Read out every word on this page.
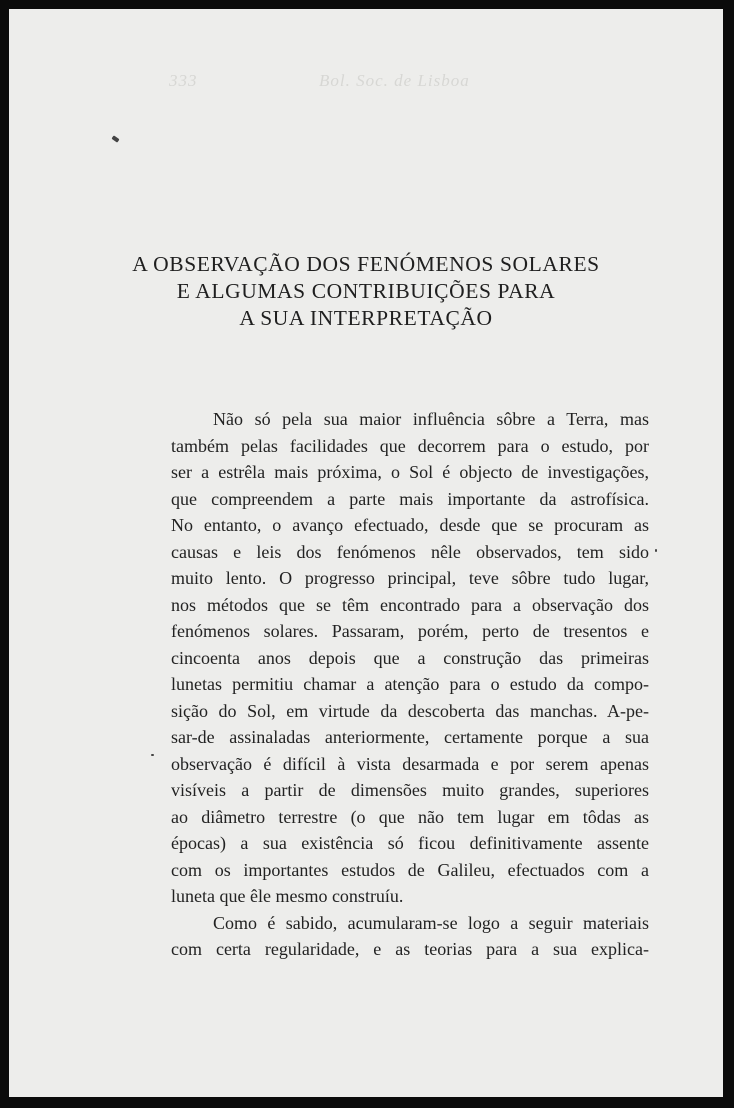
333	Bol. Soc. de Lisboa
A OBSERVAÇÃO DOS FENÓMENOS SOLARES
E ALGUMAS CONTRIBUIÇÕES PARA
A SUA INTERPRETAÇÃO
Não só pela sua maior influência sôbre a Terra, mas
também pelas facilidades que decorrem para o estudo, por
ser a estrêla mais próxima, o Sol é objecto de investigações,
que compreendem a parte mais importante da astrofísica.
No entanto, o avanço efectuado, desde que se procuram as
causas e leis dos fenómenos nêle observados, tem sido
muito lento. O progresso principal, teve sôbre tudo lugar,
nos métodos que se têm encontrado para a observação dos
fenómenos solares. Passaram, porém, perto de tresentos e
cincoenta anos depois que a construção das primeiras
lunetas permitiu chamar a atenção para o estudo da compo-
sição do Sol, em virtude da descoberta das manchas. A-pe-
sar-de assinaladas anteriormente, certamente porque a sua
observação é difícil à vista desarmada e por serem apenas
visíveis a partir de dimensões muito grandes, superiores
ao diâmetro terrestre (o que não tem lugar em tôdas as
épocas) a sua existência só ficou definitivamente assente
com os importantes estudos de Galileu, efectuados com a
luneta que êle mesmo construíu.
Como é sabido, acumularam-se logo a seguir materiais
com certa regularidade, e as teorias para a sua explica-
